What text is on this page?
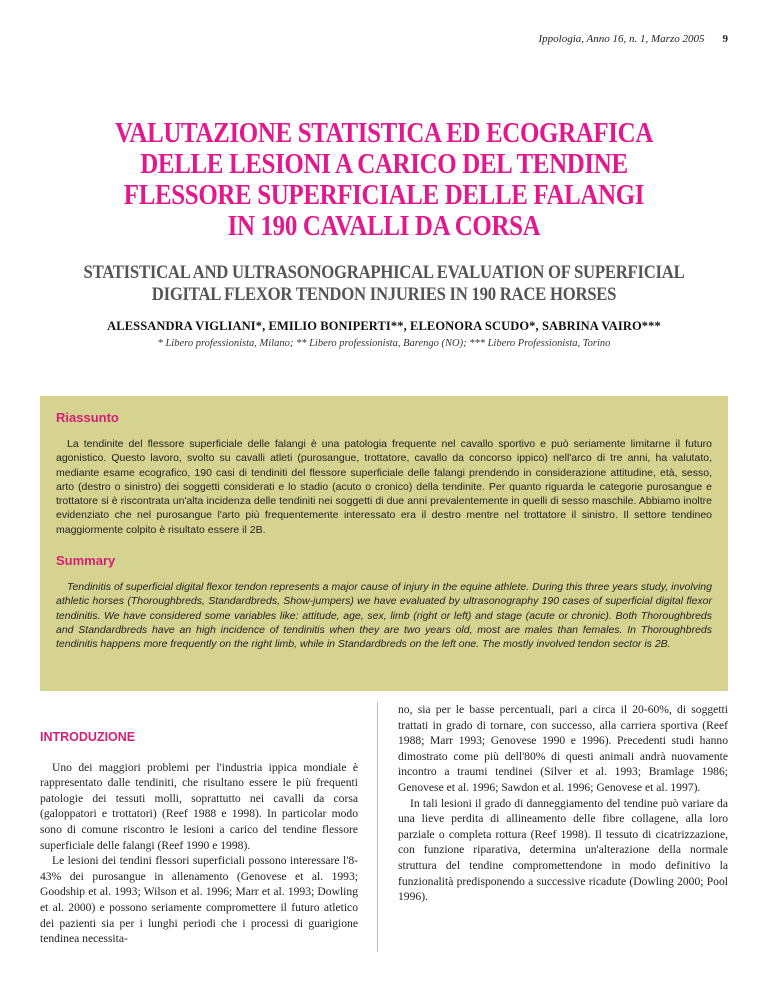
Ippologia, Anno 16, n. 1, Marzo 2005 9
VALUTAZIONE STATISTICA ED ECOGRAFICA
DELLE LESIONI A CARICO DEL TENDINE
FLESSORE SUPERFICIALE DELLE FALANGI
IN 190 CAVALLI DA CORSA
STATISTICAL AND ULTRASONOGRAPHICAL EVALUATION OF SUPERFICIAL
DIGITAL FLEXOR TENDON INJURIES IN 190 RACE HORSES
ALESSANDRA VIGLIANI*, EMILIO BONIPERTI**, ELEONORA SCUDO*, SABRINA VAIRO***
* Libero professionista, Milano; ** Libero professionista, Barengo (NO); *** Libero Professionista, Torino
Riassunto

La tendinite del flessore superficiale delle falangi è una patologia frequente nel cavallo sportivo e può seriamente limitarne il futuro agonistico. Questo lavoro, svolto su cavalli atleti (purosangue, trottatore, cavallo da concorso ippico) nell'arco di tre anni, ha valutato, mediante esame ecografico, 190 casi di tendiniti del flessore superficiale delle falangi prendendo in considerazione attitudine, età, sesso, arto (destro o sinistro) dei soggetti considerati e lo stadio (acuto o cronico) della tendinite. Per quanto riguarda le categorie purosangue e trottatore si è riscontrata un'alta incidenza delle tendiniti nei soggetti di due anni prevalentemente in quelli di sesso maschile. Abbiamo inoltre evidenziato che nel purosangue l'arto più frequentemente interessato era il destro mentre nel trottatore il sinistro. Il settore tendineo maggiormente colpito è risultato essere il 2B.

Summary

Tendinitis of superficial digital flexor tendon represents a major cause of injury in the equine athlete. During this three years study, involving athletic horses (Thoroughbreds, Standardbreds, Show-jumpers) we have evaluated by ultrasonography 190 cases of superficial digital flexor tendinitis. We have considered some variables like: attitude, age, sex, limb (right or left) and stage (acute or chronic). Both Thoroughbreds and Standardbreds have an high incidence of tendinitis when they are two years old, most are males than females. In Thoroughbreds tendinitis happens more frequently on the right limb, while in Standardbreds on the left one. The mostly involved tendon sector is 2B.

INTRODUZIONE

Uno dei maggiori problemi per l'industria ippica mondiale è rappresentato dalle tendiniti, che risultano essere le più frequenti patologie dei tessuti molli, soprattutto nei cavalli da corsa (galoppatori e trottatori) (Reef 1988 e 1998). In particolar modo sono di comune riscontro le lesioni a carico del tendine flessore superficiale delle falangi (Reef 1990 e 1998).

Le lesioni dei tendini flessori superficiali possono interessare l'8-43% dei purosangue in allenamento (Genovese et al. 1993; Goodship et al. 1993; Wilson et al. 1996; Marr et al. 1993; Dowling et al. 2000) e possono seriamente compromettere il futuro atletico dei pazienti sia per i lunghi periodi che i processi di guarigione tendinea necessita-

no, sia per le basse percentuali, pari a circa il 20-60%, di soggetti trattati in grado di tornare, con successo, alla carriera sportiva (Reef 1988; Marr 1993; Genovese 1990 e 1996). Precedenti studi hanno dimostrato come più dell'80% di questi animali andrà nuovamente incontro a traumi tendinei (Silver et al. 1993; Bramlage 1986; Genovese et al. 1996; Sawdon et al. 1996; Genovese et al. 1997).

In tali lesioni il grado di danneggiamento del tendine può variare da una lieve perdita di allineamento delle fibre collagene, alla loro parziale o completa rottura (Reef 1998). Il tessuto di cicatrizzazione, con funzione riparativa, determina un'alterazione della normale struttura del tendine compromettendone in modo definitivo la funzionalità predisponendo a successive ricadute (Dowling 2000; Pool 1996).
